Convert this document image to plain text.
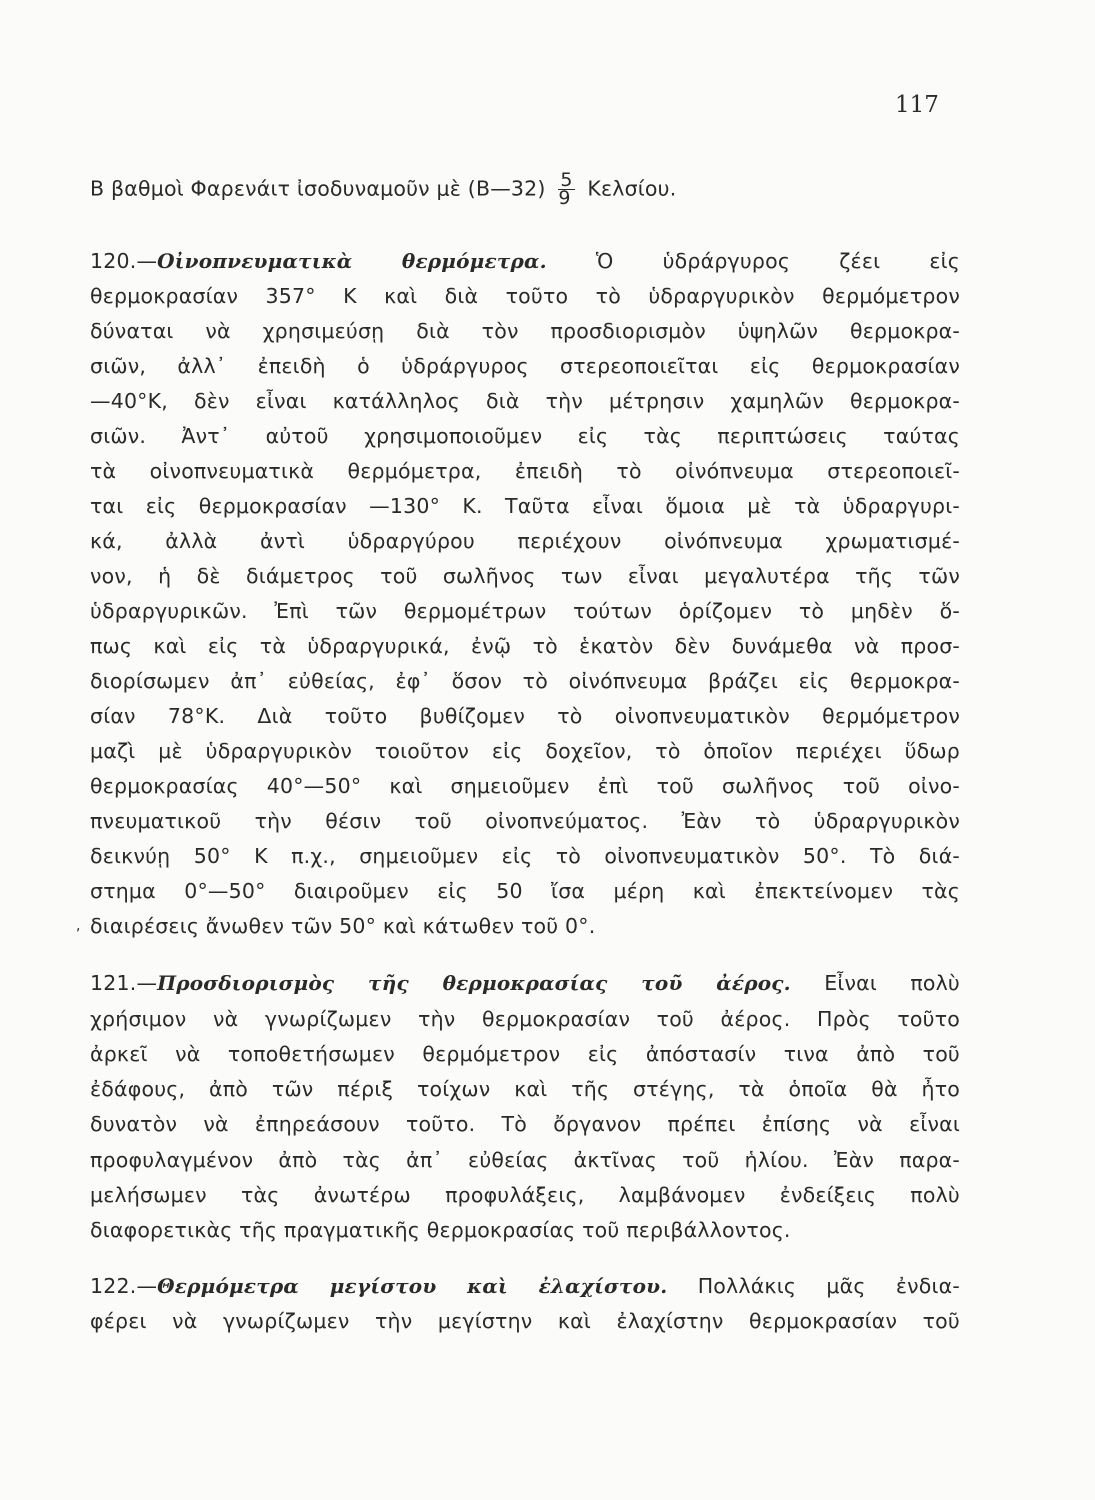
117
Β βαθμοὶ Φαρενάιτ ἰσοδυναμοῦν μὲ (Β—32) $\frac{5}{9} K\varepsilon\lambda\sigma ίo\upsilon$.
120.—Οἰνοπνευματικὰ θερμόμετρα. Ὁ ὑδράργυρος ζέει εἰς
θερμοκρασίαν 357° Κ καὶ διὰ τοῦτο τὸ ὑδραργυρικὸν θερμόμετρον
δύναται νὰ χρησιμεύσῃ διὰ τὸν προσδιορισμὸν ὑψηλῶν θερμοκρα-
σιῶν, ἀλλ᾽ ἐπειδὴ ὁ ὑδράργυρος στερεοποιεῖται εἰς θερμοκρασίαν
—40°Κ, δὲν εἶναι κατάλληλος διὰ τὴν μέτρησιν χαμηλῶν θερμοκρα-
σιῶν. Ἀντ᾽ αὐτοῦ χρησιμοποιοῦμεν εἰς τὰς περιπτώσεις ταύτας
τὰ οἰνοπνευματικὰ θερμόμετρα, ἐπειδὴ τὸ οἰνόπνευμα στερεοποιεῖ-
ται εἰς θερμοκρασίαν —130° Κ. Ταῦτα εἶναι ὅμοια μὲ τὰ ὑδραργυρι-
κά, ἀλλὰ ἀντὶ ὑδραργύρου περιέχουν οἰνόπνευμα χρωματισμέ-
νον, ἡ δὲ διάμετρος τοῦ σωλῆνος των εἶναι μεγαλυτέρα τῆς τῶν
ὑδραργυρικῶν. Ἐπὶ τῶν θερμομέτρων τούτων ὁρίζομεν τὸ μηδὲν ὅ-
πως καὶ εἰς τὰ ὑδραργυρικά, ἐνῷ τὸ ἑκατὸν δὲν δυνάμεθα νὰ προσ-
διορίσωμεν ἀπ᾽ εὐθείας, ἐφ᾽ ὅσον τὸ οἰνόπνευμα βράζει εἰς θερμοκρα-
σίαν 78°Κ. Διὰ τοῦτο βυθίζομεν τὸ οἰνοπνευματικὸν θερμόμετρον
μαζὶ μὲ ὑδραργυρικὸν τοιοῦτον εἰς δοχεῖον, τὸ ὁποῖον περιέχει ὕδωρ
θερμοκρασίας 40°—50° καὶ σημειοῦμεν ἐπὶ τοῦ σωλῆνος τοῦ οἰνο-
πνευματικοῦ τὴν θέσιν τοῦ οἰνοπνεύματος. Ἐὰν τὸ ὑδραργυρικὸν
δεικνύῃ 50° Κ π.χ., σημειοῦμεν εἰς τὸ οἰνοπνευματικὸν 50°. Τὸ διά-
στημα 0°—50° διαιροῦμεν εἰς 50 ἴσα μέρη καὶ ἐπεκτείνομεν τὰς
διαιρέσεις ἄνωθεν τῶν 50° καὶ κάτωθεν τοῦ 0°.
,
121.—Προσδιορισμὸς τῆς θερμοκρασίας τοῦ ἀέρος. Εἶναι πολὺ
χρήσιμον νὰ γνωρίζωμεν τὴν θερμοκρασίαν τοῦ ἀέρος. Πρὸς τοῦτο
ἀρκεῖ νὰ τοποθετήσωμεν θερμόμετρον εἰς ἀπόστασίν τινα ἀπὸ τοῦ
ἐδάφους, ἀπὸ τῶν πέριξ τοίχων καὶ τῆς στέγης, τὰ ὁποῖα θὰ ἦτο
δυνατὸν νὰ ἐπηρεάσουν τοῦτο. Τὸ ὄργανον πρέπει ἐπίσης νὰ εἶναι
προφυλαγμένον ἀπὸ τὰς ἀπ᾽ εὐθείας ἀκτῖνας τοῦ ἡλίου. Ἐὰν παρα-
μελήσωμεν τὰς ἀνωτέρω προφυλάξεις, λαμβάνομεν ἐνδείξεις πολὺ
διαφορετικὰς τῆς πραγματικῆς θερμοκρασίας τοῦ περιβάλλοντος.
122.—Θερμόμετρα μεγίστου καὶ ἐλαχίστου. Πολλάκις μᾶς ἐνδια-
φέρει νὰ γνωρίζωμεν τὴν μεγίστην καὶ ἐλαχίστην θερμοκρασίαν τοῦ
